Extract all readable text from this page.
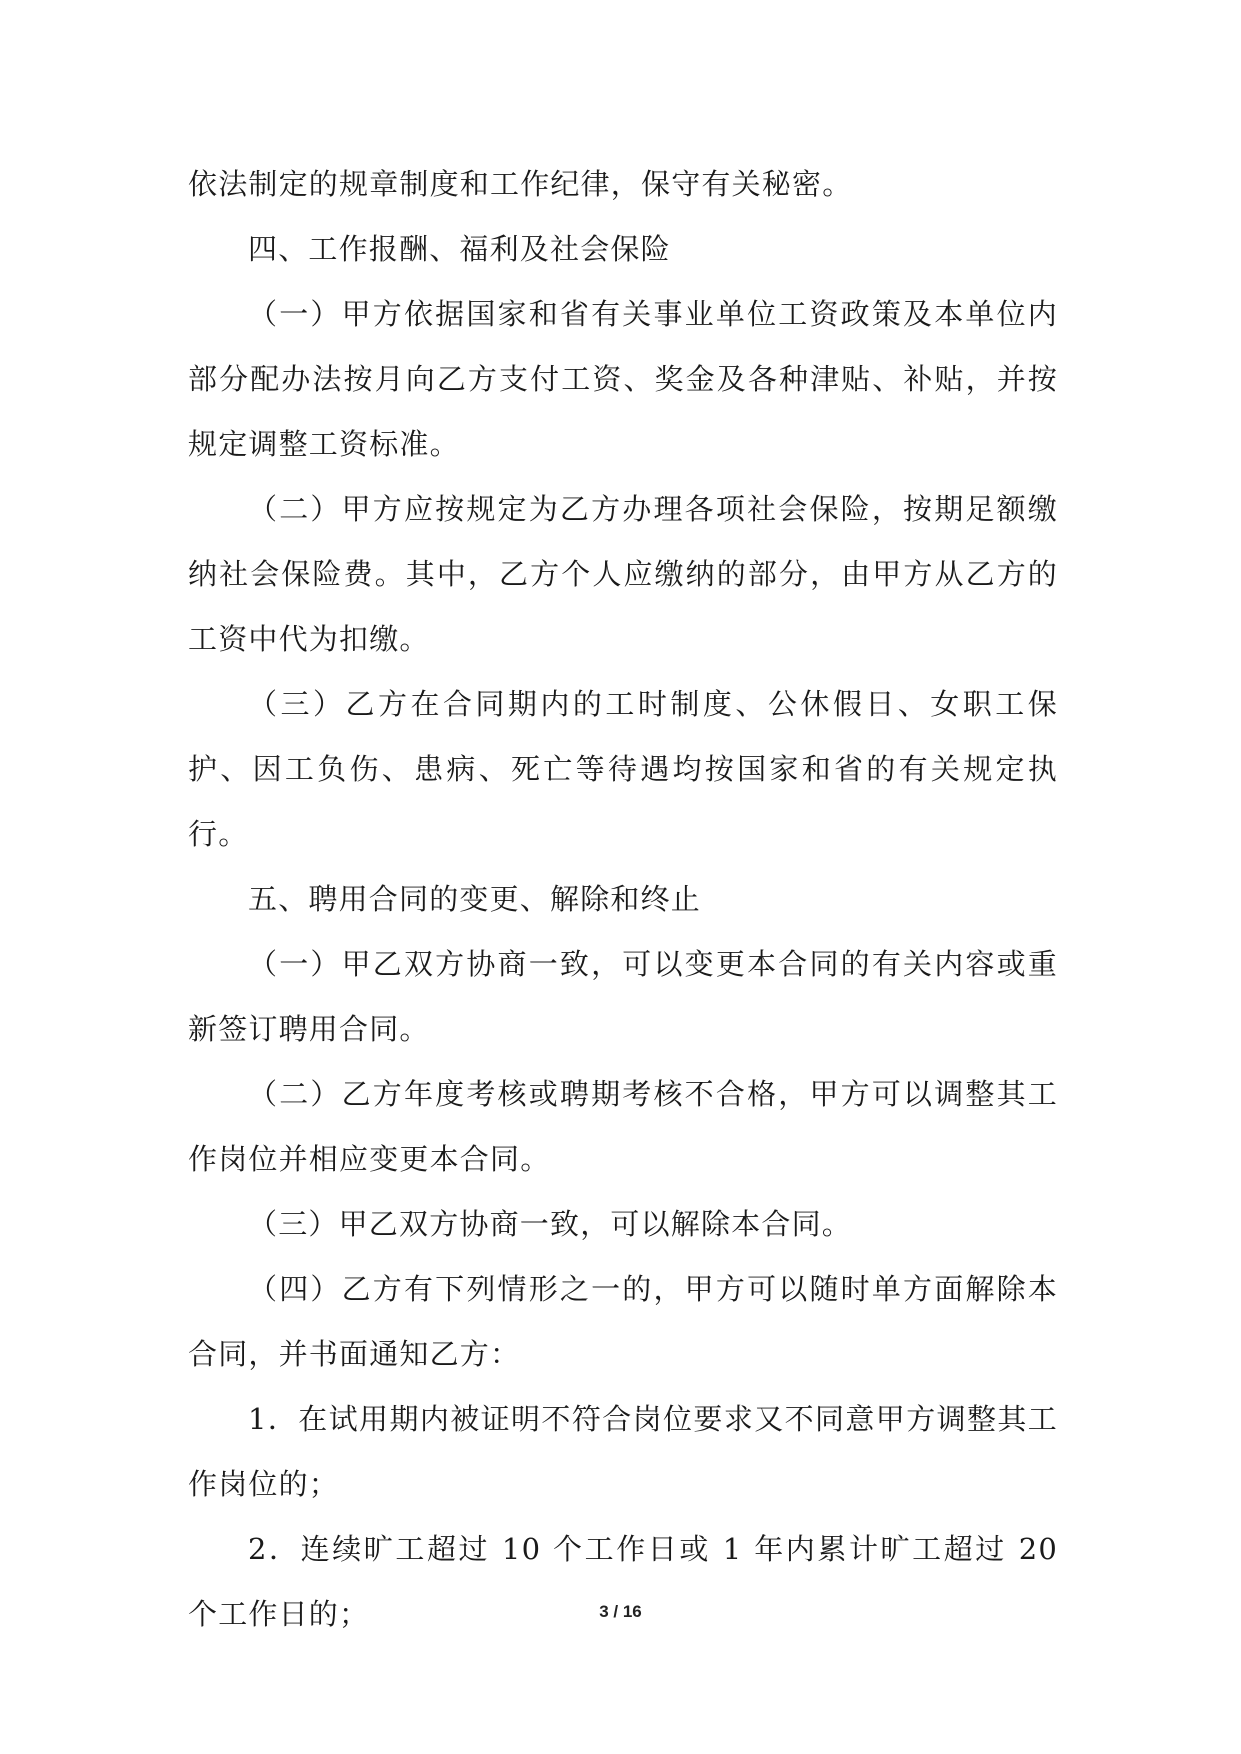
依法制定的规章制度和工作纪律，保守有关秘密。

四、工作报酬、福利及社会保险

（一）甲方依据国家和省有关事业单位工资政策及本单位内部分配办法按月向乙方支付工资、奖金及各种津贴、补贴，并按规定调整工资标准。

（二）甲方应按规定为乙方办理各项社会保险，按期足额缴纳社会保险费。其中，乙方个人应缴纳的部分，由甲方从乙方的工资中代为扣缴。

（三）乙方在合同期内的工时制度、公休假日、女职工保护、因工负伤、患病、死亡等待遇均按国家和省的有关规定执行。

五、聘用合同的变更、解除和终止

（一）甲乙双方协商一致，可以变更本合同的有关内容或重新签订聘用合同。

（二）乙方年度考核或聘期考核不合格，甲方可以调整其工作岗位并相应变更本合同。

（三）甲乙双方协商一致，可以解除本合同。

（四）乙方有下列情形之一的，甲方可以随时单方面解除本合同，并书面通知乙方：

1．在试用期内被证明不符合岗位要求又不同意甲方调整其工作岗位的；

2．连续旷工超过 10 个工作日或 1 年内累计旷工超过 20 个工作日的；	3 / 16
